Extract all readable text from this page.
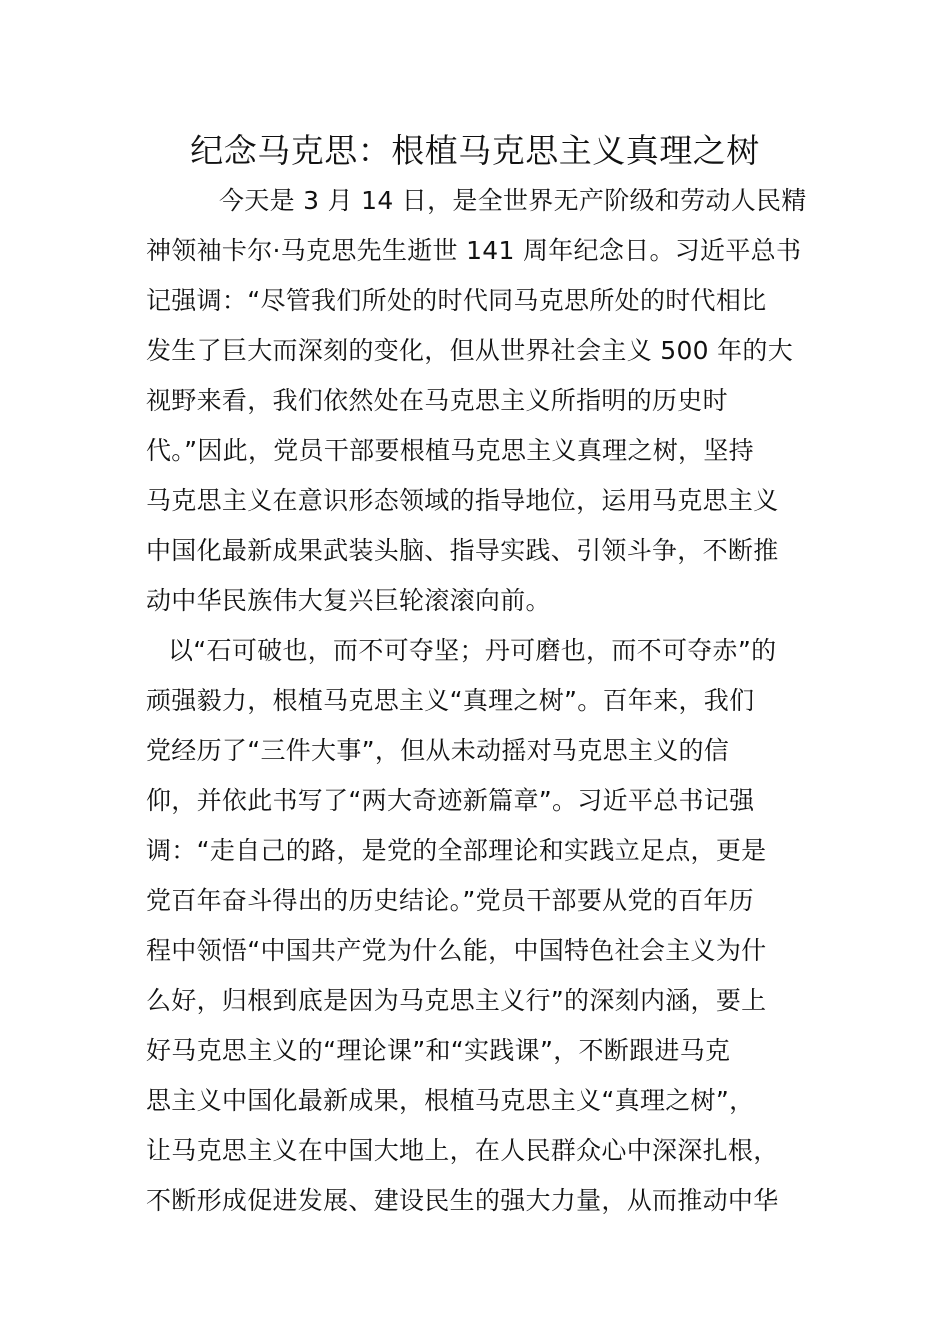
纪念马克思：根植马克思主义真理之树
今天是 3 月 14 日，是全世界无产阶级和劳动人民精
神领袖卡尔·马克思先生逝世 141 周年纪念日。习近平总书
记强调：“尽管我们所处的时代同马克思所处的时代相比
发生了巨大而深刻的变化，但从世界社会主义 500 年的大
视野来看，我们依然处在马克思主义所指明的历史时
代。”因此，党员干部要根植马克思主义真理之树，坚持
马克思主义在意识形态领域的指导地位，运用马克思主义
中国化最新成果武装头脑、指导实践、引领斗争，不断推
动中华民族伟大复兴巨轮滚滚向前。
以“石可破也，而不可夺坚；丹可磨也，而不可夺赤”的
顽强毅力，根植马克思主义“真理之树”。百年来，我们
党经历了“三件大事”，但从未动摇对马克思主义的信
仰，并依此书写了“两大奇迹新篇章”。习近平总书记强
调：“走自己的路，是党的全部理论和实践立足点，更是
党百年奋斗得出的历史结论。”党员干部要从党的百年历
程中领悟“中国共产党为什么能，中国特色社会主义为什
么好，归根到底是因为马克思主义行”的深刻内涵，要上
好马克思主义的“理论课”和“实践课”，不断跟进马克
思主义中国化最新成果，根植马克思主义“真理之树”，
让马克思主义在中国大地上，在人民群众心中深深扎根，
不断形成促进发展、建设民生的强大力量，从而推动中华
